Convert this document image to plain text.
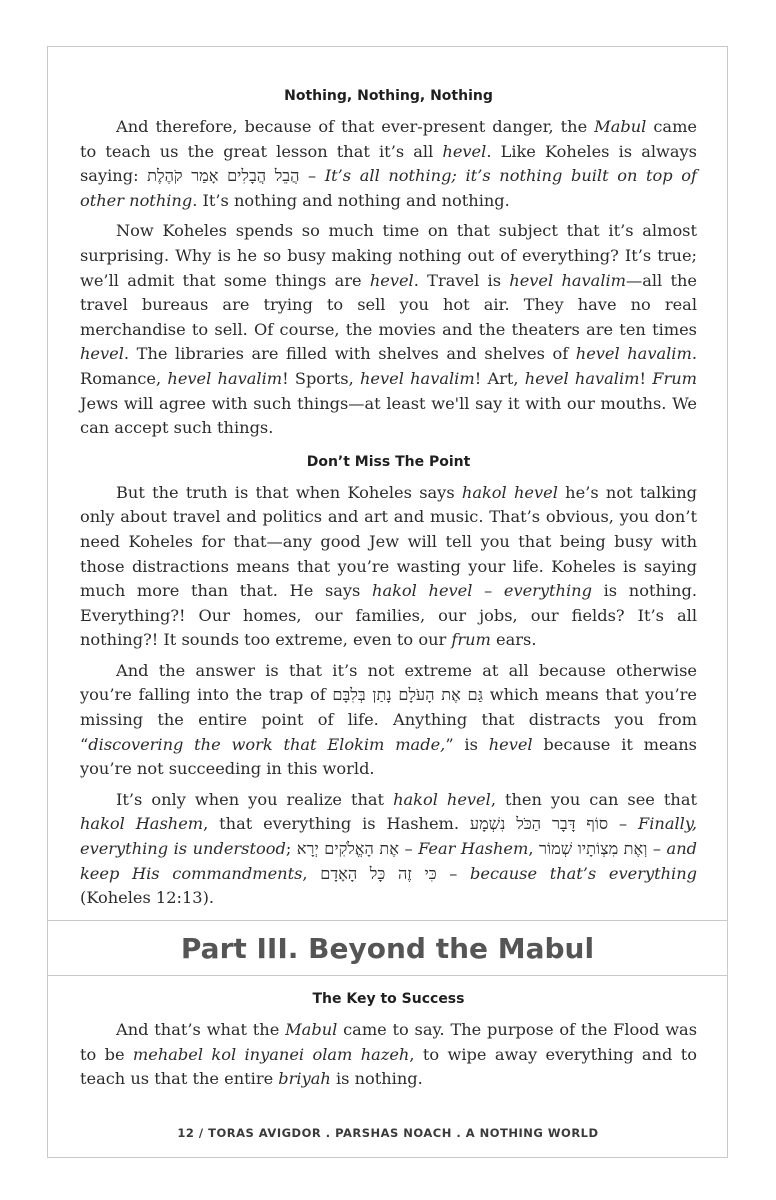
Nothing, Nothing, Nothing

And therefore, because of that ever-present danger, the Mabul came to teach us the great lesson that it’s all hevel. Like Koheles is always saying: הֲבֵל הֲבָלִים אָמַר קֹהֶלֶת – It’s all nothing; it’s nothing built on top of other nothing. It’s nothing and nothing and nothing.

Now Koheles spends so much time on that subject that it’s almost surprising. Why is he so busy making nothing out of everything? It’s true; we’ll admit that some things are hevel. Travel is hevel havalim—all the travel bureaus are trying to sell you hot air. They have no real merchandise to sell. Of course, the movies and the theaters are ten times hevel. The libraries are filled with shelves and shelves of hevel havalim. Romance, hevel havalim! Sports, hevel havalim! Art, hevel havalim! Frum Jews will agree with such things—at least we'll say it with our mouths. We can accept such things.

Don’t Miss The Point

But the truth is that when Koheles says hakol hevel he’s not talking only about travel and politics and art and music. That’s obvious, you don’t need Koheles for that—any good Jew will tell you that being busy with those distractions means that you’re wasting your life. Koheles is saying much more than that. He says hakol hevel – everything is nothing. Everything?! Our homes, our families, our jobs, our fields? It’s all nothing?! It sounds too extreme, even to our frum ears.

And the answer is that it’s not extreme at all because otherwise you’re falling into the trap of גַּם אֶת הָעֹלָם נָתַן בְּלִבָּם which means that you’re missing the entire point of life. Anything that distracts you from “discovering the work that Elokim made,” is hevel because it means you’re not succeeding in this world.

It’s only when you realize that hakol hevel, then you can see that hakol Hashem, that everything is Hashem. סוֹף דָּבָר הַכֹּל נִשְׁמָע – Finally, everything is understood; אֶת הָאֱלֹקִים יְרָא – Fear Hashem, וְאֶת מִצְוֹתָיו שְׁמוֹר – and keep His commandments, כִּי זֶה כָּל הָאָדָם – because that’s everything (Koheles 12:13).

Part III. Beyond the Mabul
The Key to Success

And that’s what the Mabul came to say. The purpose of the Flood was to be mehabel kol inyanei olam hazeh, to wipe away everything and to teach us that the entire briyah is nothing.

12 / TORAS AVIGDOR . PARSHAS NOACH . A NOTHING WORLD
